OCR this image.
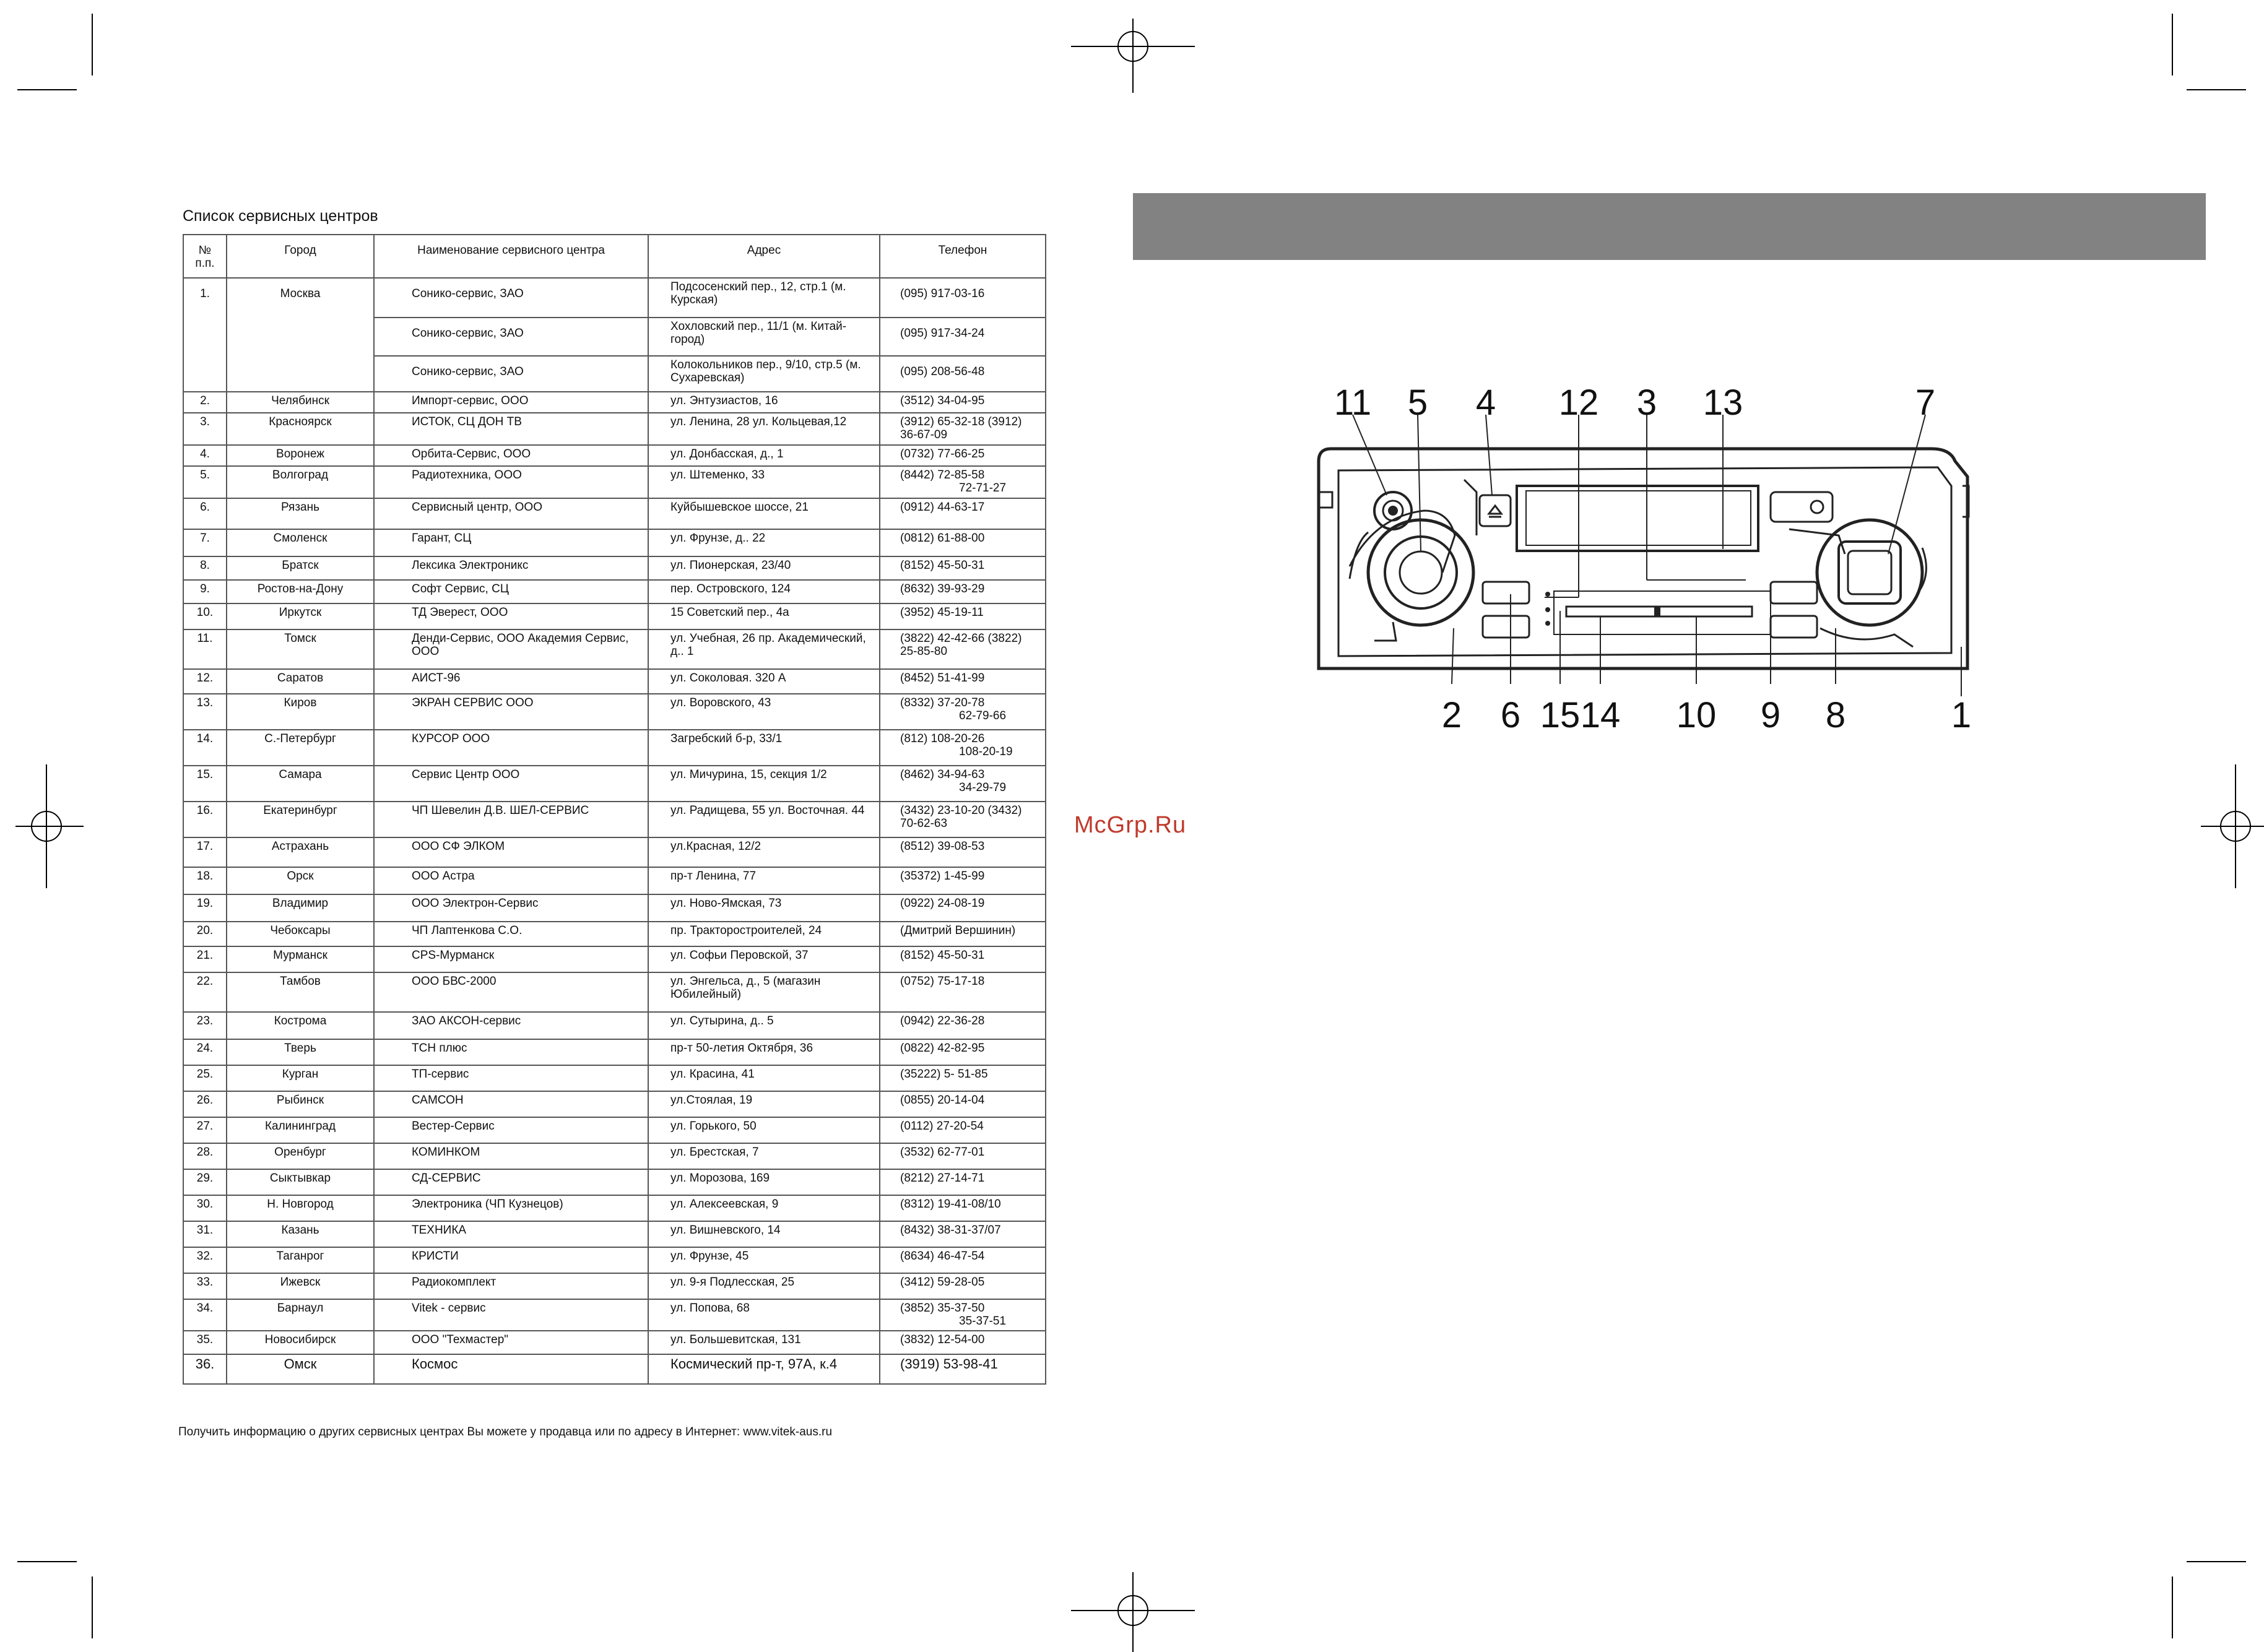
Список сервисных центров
№ п.п.	Город	Наименование сервисного центра	Адрес	Телефон
1.	Москва	Сонико-сервис, ЗАО	Подсосенский пер., 12, стр.1 (м. Курская)	(095) 917-03-16
		Сонико-сервис, ЗАО	Хохловский пер., 11/1 (м. Китай-город)	(095) 917-34-24
		Сонико-сервис, ЗАО	Колокольников пер., 9/10, стр.5 (м. Сухаревская)	(095) 208-56-48
2.	Челябинск	Импорт-сервис, ООО	ул. Энтузиастов, 16	(3512) 34-04-95
3.	Красноярск	ИСТОК, СЦ ДОН ТВ	ул. Ленина, 28 ул. Кольцевая,12	(3912) 65-32-18 (3912) 36-67-09
4.	Воронеж	Орбита-Сервис, ООО	ул. Донбасская, д., 1	(0732) 77-66-25
5.	Волгоград	Радиотехника, ООО	ул. Штеменко, 33	(8442) 72-85-58
72-71-27

6.	Рязань	Сервисный центр, ООО	Куйбышевское шоссе, 21	(0912) 44-63-17
7.	Смоленск	Гарант, СЦ	ул. Фрунзе, д.. 22	(0812) 61-88-00
8.	Братск	Лексика Электроникс	ул. Пионерская, 23/40	(8152) 45-50-31
9.	Ростов-на-Дону	Софт Сервис, СЦ	пер. Островского, 124	(8632) 39-93-29
10.	Иркутск	ТД Эверест, ООО	15 Советский пер., 4а	(3952) 45-19-11
11.	Томск	Денди-Сервис, ООО Академия Сервис, ООО	ул. Учебная, 26 пр. Академический, д.. 1	(3822) 42-42-66 (3822) 25-85-80
12.	Саратов	АИСТ-96	ул. Соколовая. 320 А	(8452) 51-41-99
13.	Киров	ЭКРАН СЕРВИС ООО	ул. Воровского, 43	(8332) 37-20-78
62-79-66

14.	С.-Петербург	КУРСОР ООО	Загребский б-р, 33/1	(812) 108-20-26
108-20-19

15.	Самара	Сервис Центр ООО	ул. Мичурина, 15, секция 1/2	(8462) 34-94-63
34-29-79

16.	Екатеринбург	ЧП Шевелин Д.В. ШЕЛ-СЕРВИС	ул. Радищева, 55 ул. Восточная. 44	(3432) 23-10-20 (3432) 70-62-63
17.	Астрахань	ООО СФ ЭЛКОМ	ул.Красная, 12/2	(8512) 39-08-53
18.	Орск	ООО Астра	пр-т Ленина, 77	(35372) 1-45-99
19.	Владимир	ООО Электрон-Сервис	ул. Ново-Ямская, 73	(0922) 24-08-19
20.	Чебоксары	ЧП Лаптенкова С.О.	пр. Тракторостроителей, 24	(Дмитрий Вершинин)
21.	Мурманск	CPS-Мурманск	ул. Софьи Перовской, 37	(8152) 45-50-31
22.	Тамбов	ООО БВС-2000	ул. Энгельса, д., 5 (магазин Юбилейный)	(0752) 75-17-18
23.	Кострома	ЗАО АКСОН-сервис	ул. Сутырина, д.. 5	(0942) 22-36-28
24.	Тверь	ТСН плюс	пр-т 50-летия Октября, 36	(0822) 42-82-95
25.	Курган	ТП-сервис	ул. Красина, 41	(35222) 5- 51-85
26.	Рыбинск	САМСОН	ул.Стоялая, 19	(0855) 20-14-04
27.	Калининград	Вестер-Сервис	ул. Горького, 50	(0112) 27-20-54
28.	Оренбург	КОМИНКОМ	ул. Брестская, 7	(3532) 62-77-01
29.	Сыктывкар	СД-СЕРВИС	ул. Морозова, 169	(8212) 27-14-71
30.	Н. Новгород	Электроника (ЧП Кузнецов)	ул. Алексеевская, 9	(8312) 19-41-08/10
31.	Казань	ТЕХНИКА	ул. Вишневского, 14	(8432) 38-31-37/07
32.	Таганрог	КРИСТИ	ул. Фрунзе, 45	(8634) 46-47-54
33.	Ижевск	Радиокомплект	ул. 9-я Подлесская, 25	(3412) 59-28-05
34.	Барнаул	Vitek - сервис	ул. Попова, 68	(3852) 35-37-50
35-37-51

35.	Новосибирск	ООО "Техмастер"	ул. Большевитская, 131	(3832) 12-54-00
36.	Омск	Космос	Космический пр-т, 97А, к.4	(3919) 53-98-41
Получить информацию о других сервисных центрах Вы можете у продавца или по адресу в Интернет: www.vitek-aus.ru
McGrp.Ru
11 5 4 12 3 13	7
2 6 15 14 10 9 8	1
